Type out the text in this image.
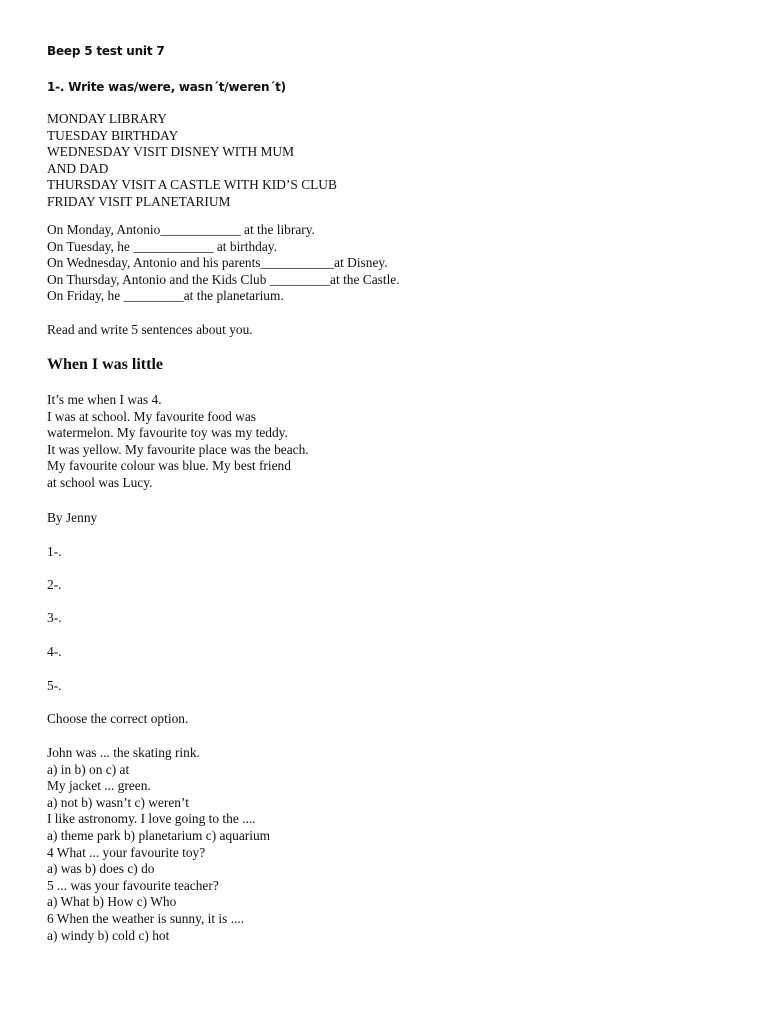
Beep 5 test unit 7
1-. Write was/were, wasn´t/weren´t)
MONDAY LIBRARY
TUESDAY BIRTHDAY
WEDNESDAY VISIT DISNEY WITH MUM
AND DAD
THURSDAY VISIT A CASTLE WITH KID’S CLUB
FRIDAY VISIT PLANETARIUM
On Monday, Antonio____________ at the library.
On Tuesday, he ____________ at birthday.
On Wednesday, Antonio and his parents___________at Disney.
On Thursday, Antonio and the Kids Club _________at the Castle.
On Friday, he _________at the planetarium.
Read and write 5 sentences about you.
When I was little
It’s me when I was 4.
I was at school. My favourite food was
watermelon. My favourite toy was my teddy.
It was yellow. My favourite place was the beach.
My favourite colour was blue. My best friend
at school was Lucy.
By Jenny
1-.
2-.
3-.
4-.
5-.
Choose the correct option.
John was ... the skating rink.
a) in b) on c) at
My jacket ... green.
a) not b) wasn’t c) weren’t
I like astronomy. I love going to the ....
a) theme park b) planetarium c) aquarium
4 What ... your favourite toy?
a) was b) does c) do
5 ... was your favourite teacher?
a) What b) How c) Who
6 When the weather is sunny, it is ....
a) windy b) cold c) hot
